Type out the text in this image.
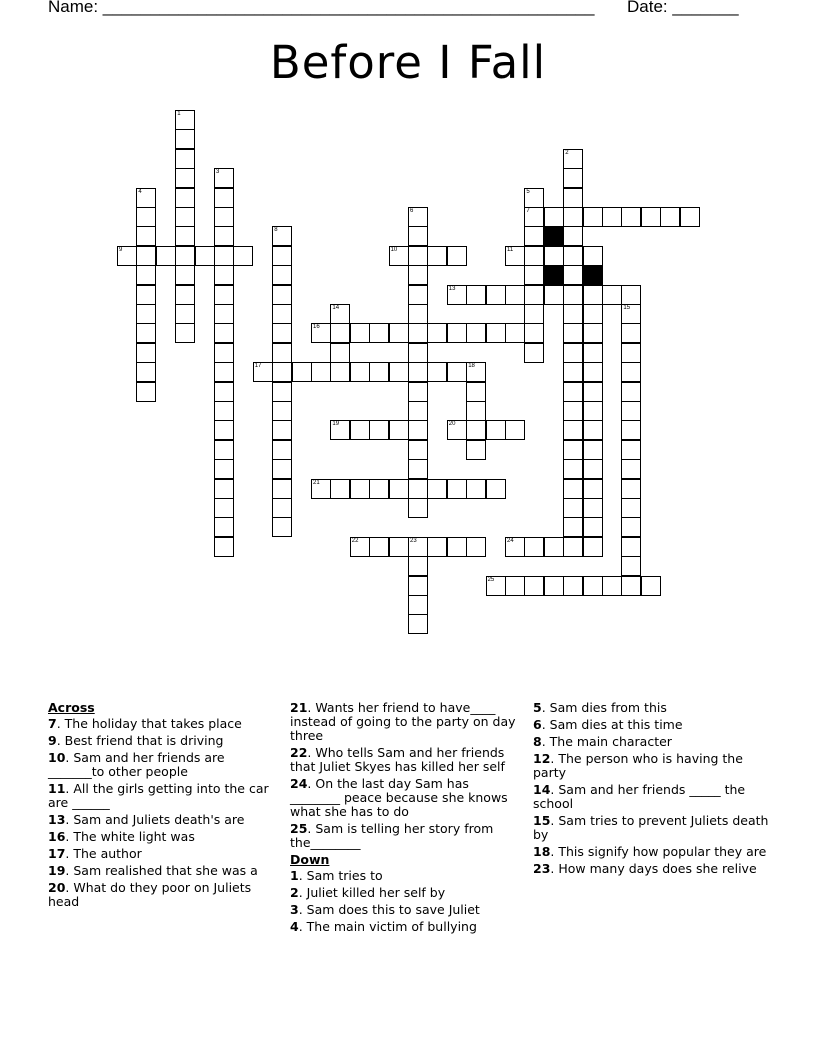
Name: ____________________________________________________ Date: _______
Before I Fall
1
2
3
4	5
7
6
8
9	10	11
13
14	15
16
17	18
19	20
21
22	23	24
25
Across
7. The holiday that takes place
9. Best friend that is driving
10. Sam and her friends are _______to other people
11. All the girls getting into the car are ______
13. Sam and Juliets death's are
16. The white light was
17. The author
19. Sam realished that she was a
20. What do they poor on Juliets head
21. Wants her friend to have____ instead of going to the party on day three
22. Who tells Sam and her friends that Juliet Skyes has killed her self
24. On the last day Sam has ________ peace because she knows what she has to do
25. Sam is telling her story from the________
Down
1. Sam tries to
2. Juliet killed her self by
3. Sam does this to save Juliet
4. The main victim of bullying
5. Sam dies from this
6. Sam dies at this time
8. The main character
12. The person who is having the party
14. Sam and her friends _____ the school
15. Sam tries to prevent Juliets death by
18. This signify how popular they are
23. How many days does she relive
